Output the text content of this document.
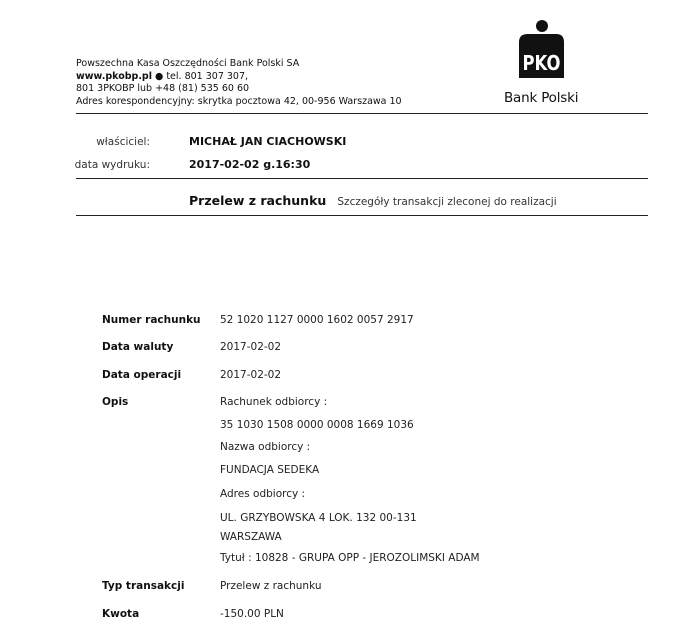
Powszechna Kasa Oszczędności Bank Polski SA
www.pkobp.pl ● tel. 801 307 307,
801 3PKOBP lub +48 (81) 535 60 60
Adres korespondencyjny: skrytka pocztowa 42, 00-956 Warszawa 10
PKO
Bank Polski
właściciel:	MICHAŁ JAN CIACHOWSKI
data wydruku:	2017-02-02 g.16:30
Przelew z rachunku Szczegóły transakcji zleconej do realizacji
Numer rachunku 52 1020 1127 0000 1602 0057 2917
Data waluty	2017-02-02
Data operacji	2017-02-02
Opis	Rachunek odbiorcy :
35 1030 1508 0000 0008 1669 1036
Nazwa odbiorcy :
FUNDACJA SEDEKA
Adres odbiorcy :
UL. GRZYBOWSKA 4 LOK. 132 00-131
WARSZAWA
Tytuł : 10828 - GRUPA OPP - JEROZOLIMSKI ADAM
Typ transakcji	Przelew z rachunku
Kwota	-150.00 PLN
